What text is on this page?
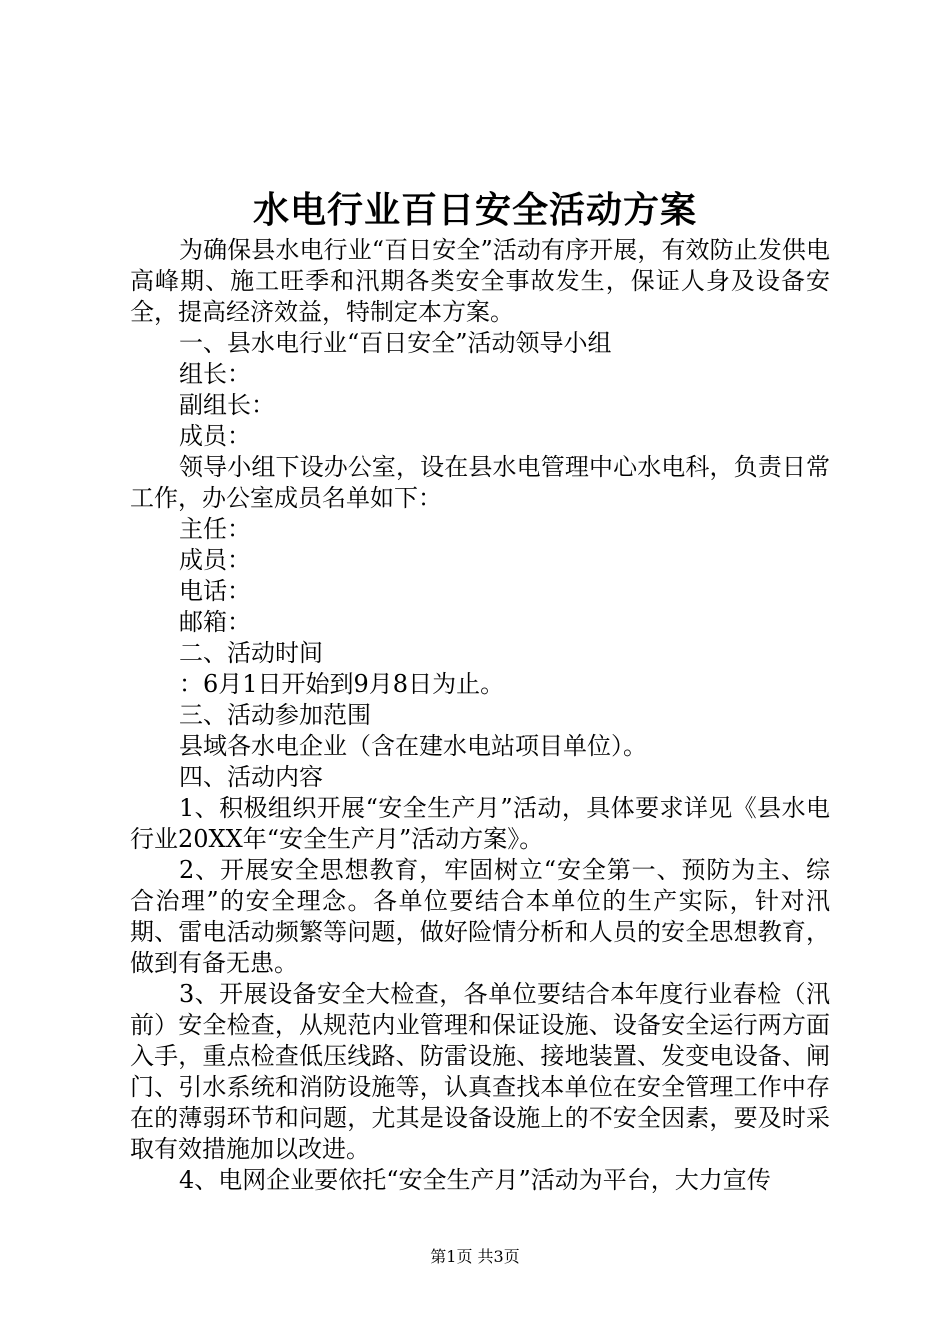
水电行业百日安全活动方案

为确保县水电行业“百日安全”活动有序开展，有效防止发供电高峰期、施工旺季和汛期各类安全事故发生，保证人身及设备安全，提高经济效益，特制定本方案。

一、县水电行业“百日安全”活动领导小组

组长：

副组长：

成员：

领导小组下设办公室，设在县水电管理中心水电科，负责日常工作，办公室成员名单如下：

主任：

成员：

电话：

邮箱：

二、活动时间

：6月1日开始到9月8日为止。

三、活动参加范围

县域各水电企业（含在建水电站项目单位）。

四、活动内容

1、积极组织开展“安全生产月”活动，具体要求详见《县水电行业20XX年“安全生产月”活动方案》。

2、开展安全思想教育，牢固树立“安全第一、预防为主、综合治理”的安全理念。各单位要结合本单位的生产实际，针对汛期、雷电活动频繁等问题，做好险情分析和人员的安全思想教育，做到有备无患。

3、开展设备安全大检查，各单位要结合本年度行业春检（汛前）安全检查，从规范内业管理和保证设施、设备安全运行两方面入手，重点检查低压线路、防雷设施、接地装置、发变电设备、闸门、引水系统和消防设施等，认真查找本单位在安全管理工作中存在的薄弱环节和问题，尤其是设备设施上的不安全因素，要及时采取有效措施加以改进。

4、电网企业要依托“安全生产月”活动为平台，大力宣传

第1页 共3页
